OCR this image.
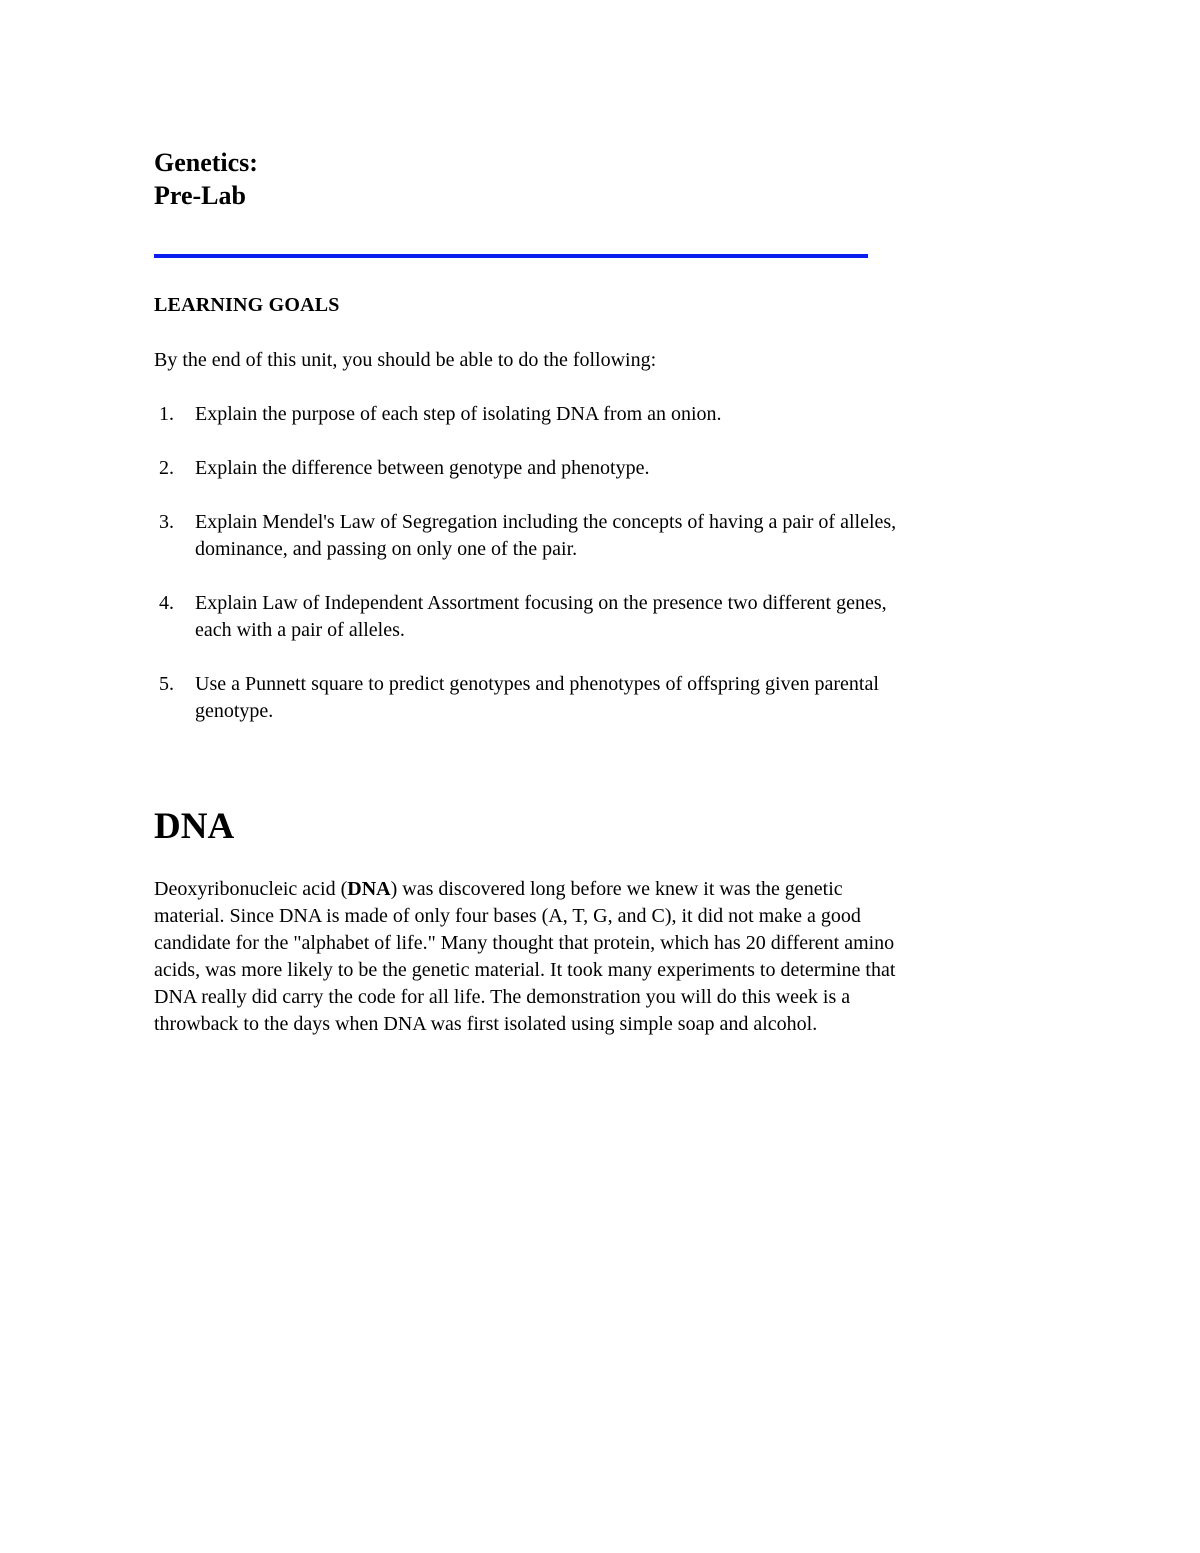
Genetics:
Pre-Lab
LEARNING GOALS
By the end of this unit, you should be able to do the following:
1. Explain the purpose of each step of isolating DNA from an onion.
2. Explain the difference between genotype and phenotype.
3. Explain Mendel's Law of Segregation including the concepts of having a pair of alleles,
dominance, and passing on only one of the pair.
4. Explain Law of Independent Assortment focusing on the presence two different genes,
each with a pair of alleles.
5. Use a Punnett square to predict genotypes and phenotypes of offspring given parental
genotype.
DNA

Deoxyribonucleic acid (DNA) was discovered long before we knew it was the genetic
material. Since DNA is made of only four bases (A, T, G, and C), it did not make a good
candidate for the "alphabet of life." Many thought that protein, which has 20 different amino
acids, was more likely to be the genetic material. It took many experiments to determine that
DNA really did carry the code for all life. The demonstration you will do this week is a
throwback to the days when DNA was first isolated using simple soap and alcohol.
